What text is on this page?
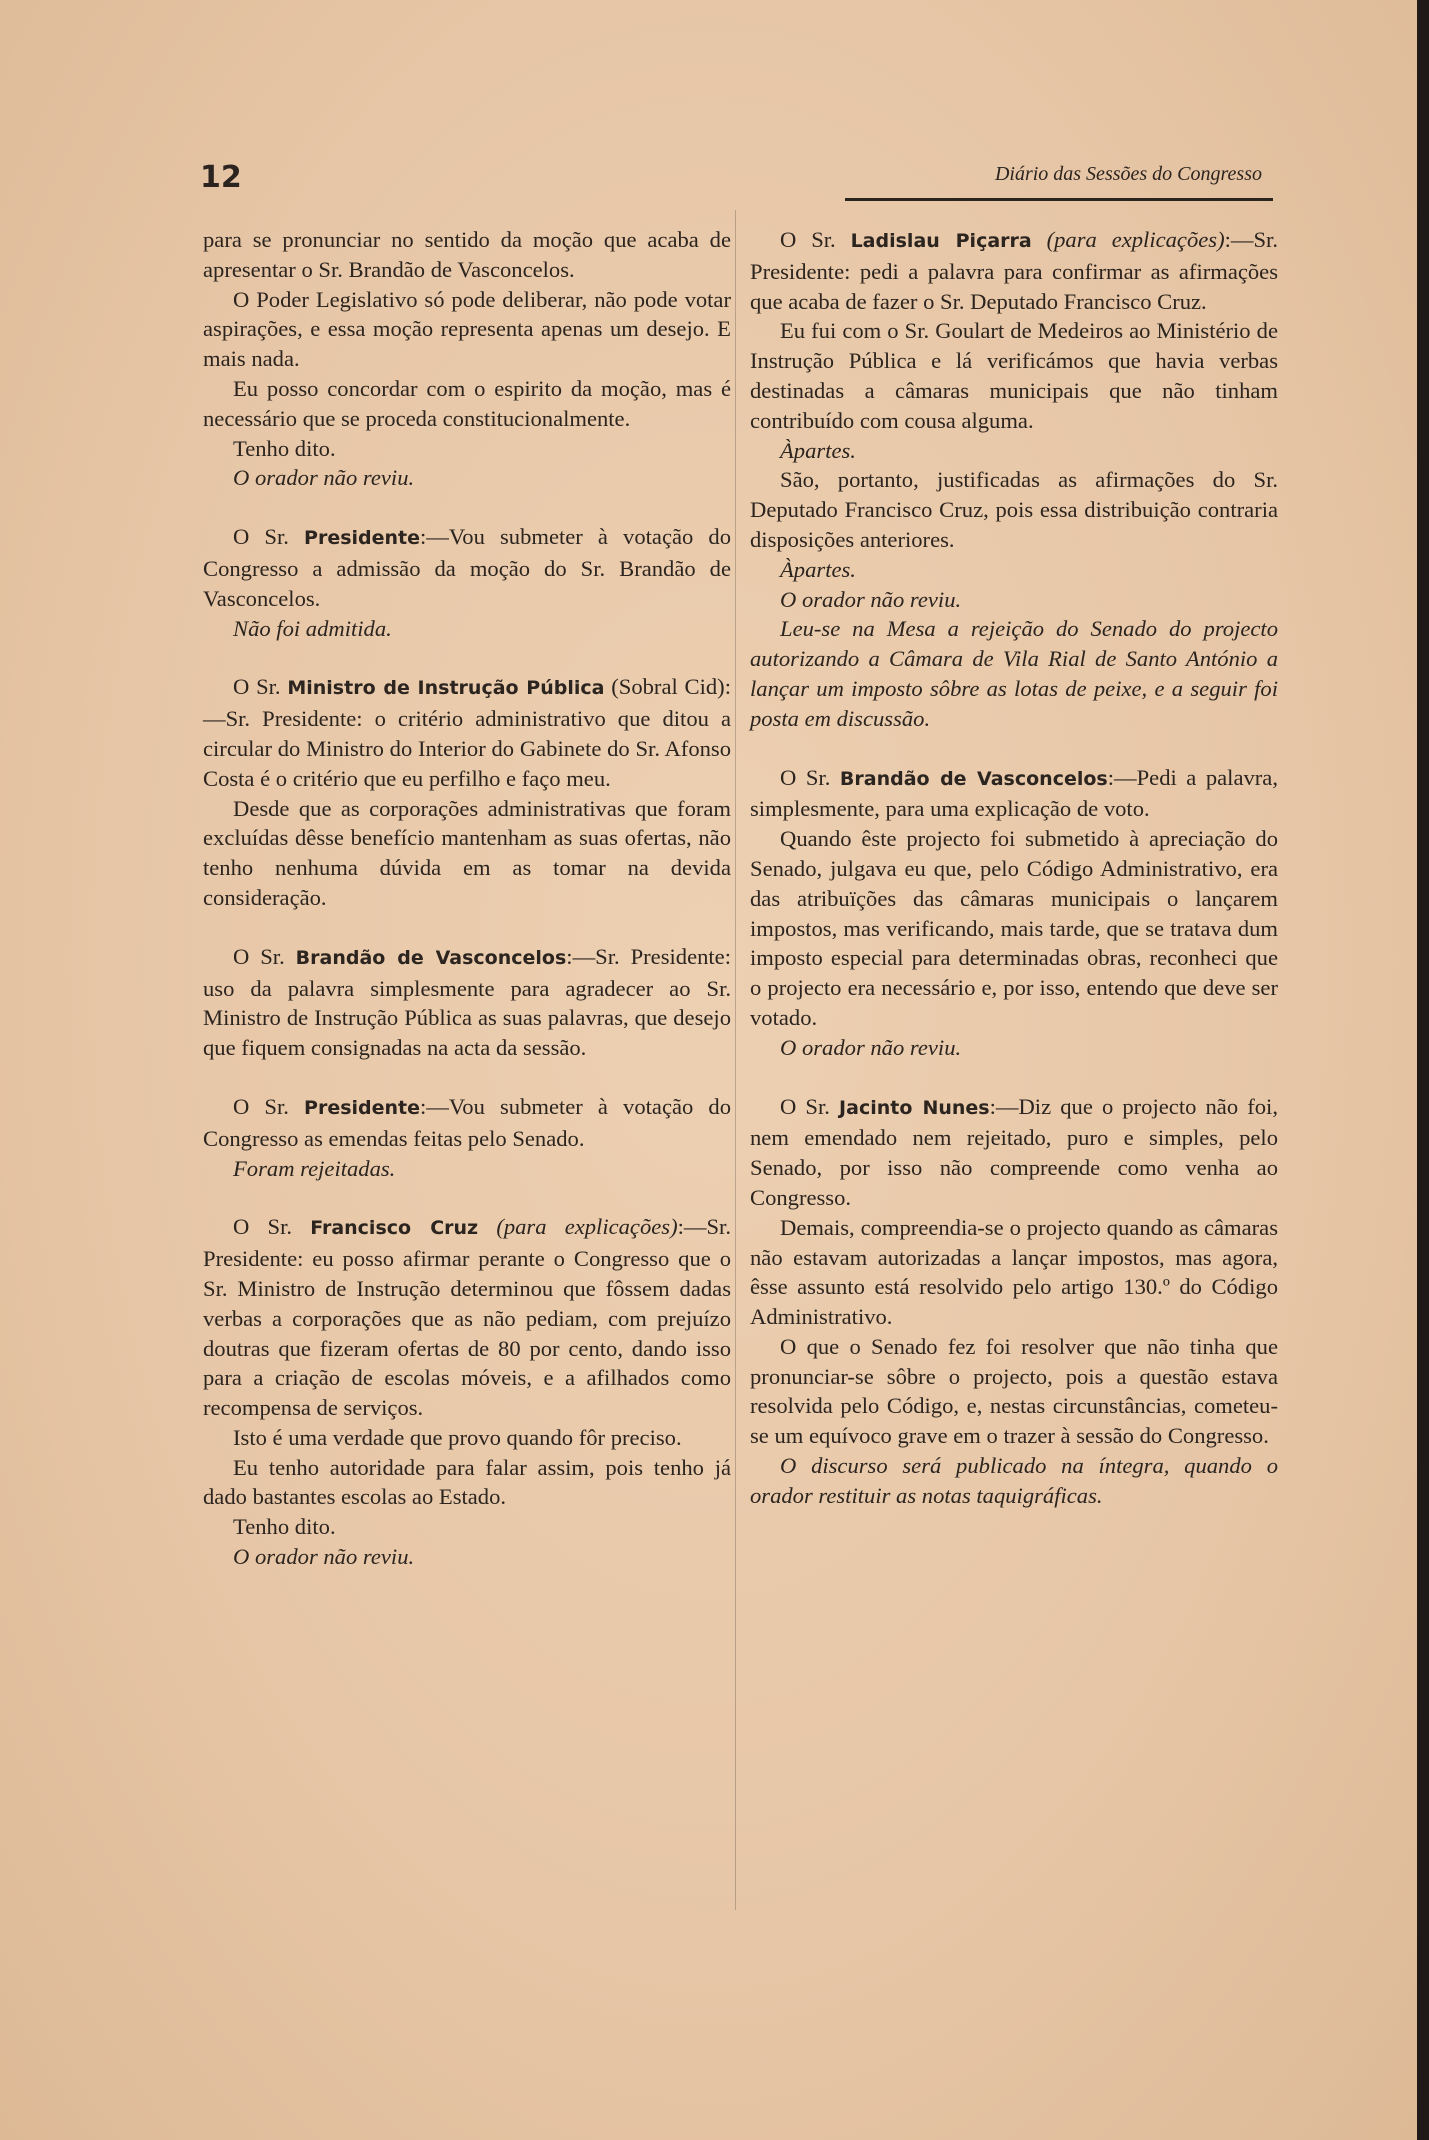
12	Diário das Sessões do Congresso

para se pronunciar no sentido da moção que acaba de apresentar o Sr. Brandão de Vasconcelos.

O Poder Legislativo só pode deliberar, não pode votar aspirações, e essa moção representa apenas um desejo. E mais nada.

Eu posso concordar com o espirito da moção, mas é necessário que se proceda constitucionalmente.

Tenho dito.

O orador não reviu.

O Sr. Presidente:—Vou submeter à votação do Congresso a admissão da moção do Sr. Brandão de Vasconcelos.

Não foi admitida.

O Sr. Ministro de Instrução Pública (Sobral Cid):—Sr. Presidente: o critério administrativo que ditou a circular do Ministro do Interior do Gabinete do Sr. Afonso Costa é o critério que eu perfilho e faço meu.

Desde que as corporações administrativas que foram excluídas dêsse benefício mantenham as suas ofertas, não tenho nenhuma dúvida em as tomar na devida consideração.

O Sr. Brandão de Vasconcelos:—Sr. Presidente: uso da palavra simplesmente para agradecer ao Sr. Ministro de Instrução Pública as suas palavras, que desejo que fiquem consignadas na acta da sessão.

O Sr. Presidente:—Vou submeter à votação do Congresso as emendas feitas pelo Senado.

Foram rejeitadas.

O Sr. Francisco Cruz (para explicações):—Sr. Presidente: eu posso afirmar perante o Congresso que o Sr. Ministro de Instrução determinou que fôssem dadas verbas a corporações que as não pediam, com prejuízo doutras que fizeram ofertas de 80 por cento, dando isso para a criação de escolas móveis, e a afilhados como recompensa de serviços.

Isto é uma verdade que provo quando fôr preciso.

Eu tenho autoridade para falar assim, pois tenho já dado bastantes escolas ao Estado.

Tenho dito.

O orador não reviu.

O Sr. Ladislau Piçarra (para explicações):—Sr. Presidente: pedi a palavra para confirmar as afirmações que acaba de fazer o Sr. Deputado Francisco Cruz.

Eu fui com o Sr. Goulart de Medeiros ao Ministério de Instrução Pública e lá verificámos que havia verbas destinadas a câmaras municipais que não tinham contribuído com cousa alguma.

Àpartes.

São, portanto, justificadas as afirmações do Sr. Deputado Francisco Cruz, pois essa distribuição contraria disposições anteriores.

Àpartes.

O orador não reviu.

Leu-se na Mesa a rejeição do Senado do projecto autorizando a Câmara de Vila Rial de Santo António a lançar um imposto sôbre as lotas de peixe, e a seguir foi posta em discussão.

O Sr. Brandão de Vasconcelos:—Pedi a palavra, simplesmente, para uma explicação de voto.

Quando êste projecto foi submetido à apreciação do Senado, julgava eu que, pelo Código Administrativo, era das atribuïções das câmaras municipais o lançarem impostos, mas verificando, mais tarde, que se tratava dum imposto especial para determinadas obras, reconheci que o projecto era necessário e, por isso, entendo que deve ser votado.

O orador não reviu.

O Sr. Jacinto Nunes:—Diz que o projecto não foi, nem emendado nem rejeitado, puro e simples, pelo Senado, por isso não compreende como venha ao Congresso.

Demais, compreendia-se o projecto quando as câmaras não estavam autorizadas a lançar impostos, mas agora, êsse assunto está resolvido pelo artigo 130.º do Código Administrativo.

O que o Senado fez foi resolver que não tinha que pronunciar-se sôbre o projecto, pois a questão estava resolvida pelo Código, e, nestas circunstâncias, cometeu-se um equívoco grave em o trazer à sessão do Congresso.

O discurso será publicado na íntegra, quando o orador restituir as notas taquigráficas.
